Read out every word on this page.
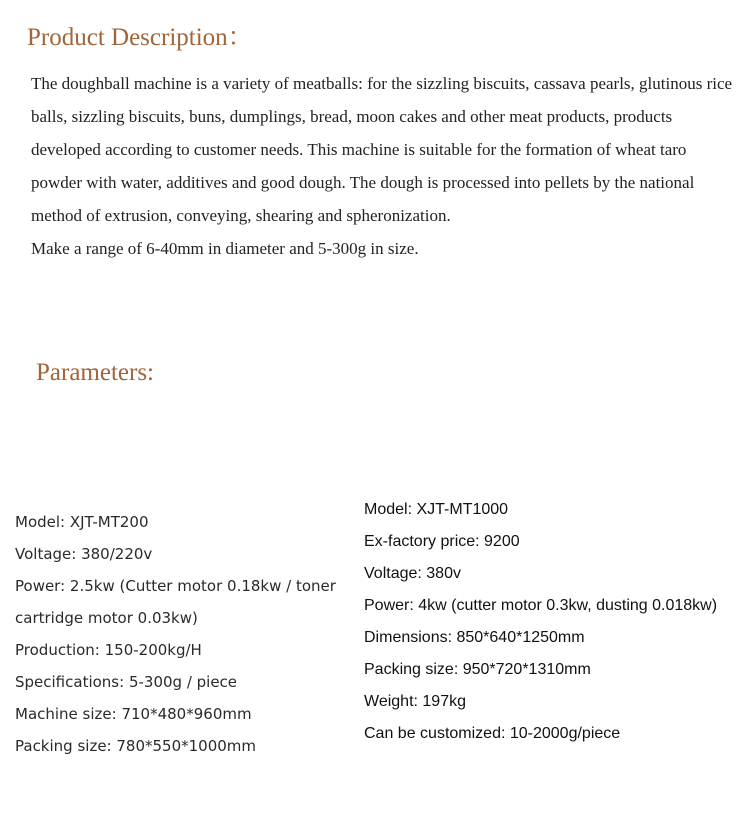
Product Description：

The doughball machine is a variety of meatballs: for the sizzling biscuits, cassava pearls, glutinous rice balls, sizzling biscuits, buns, dumplings, bread, moon cakes and other meat products, products developed according to customer needs. This machine is suitable for the formation of wheat taro powder with water, additives and good dough. The dough is processed into pellets by the national method of extrusion, conveying, shearing and spheronization.

Make a range of 6-40mm in diameter and 5-300g in size.

Parameters:
Model: XJT-MT200
Voltage: 380/220v
Power: 2.5kw (Cutter motor 0.18kw / toner cartridge motor 0.03kw)
Production: 150-200kg/H
Specifications: 5-300g / piece
Machine size: 710*480*960mm
Packing size: 780*550*1000mm
Model: XJT-MT1000
Ex-factory price: 9200
Voltage: 380v
Power: 4kw (cutter motor 0.3kw, dusting 0.018kw)
Dimensions: 850*640*1250mm
Packing size: 950*720*1310mm
Weight: 197kg
Can be customized: 10-2000g/piece
